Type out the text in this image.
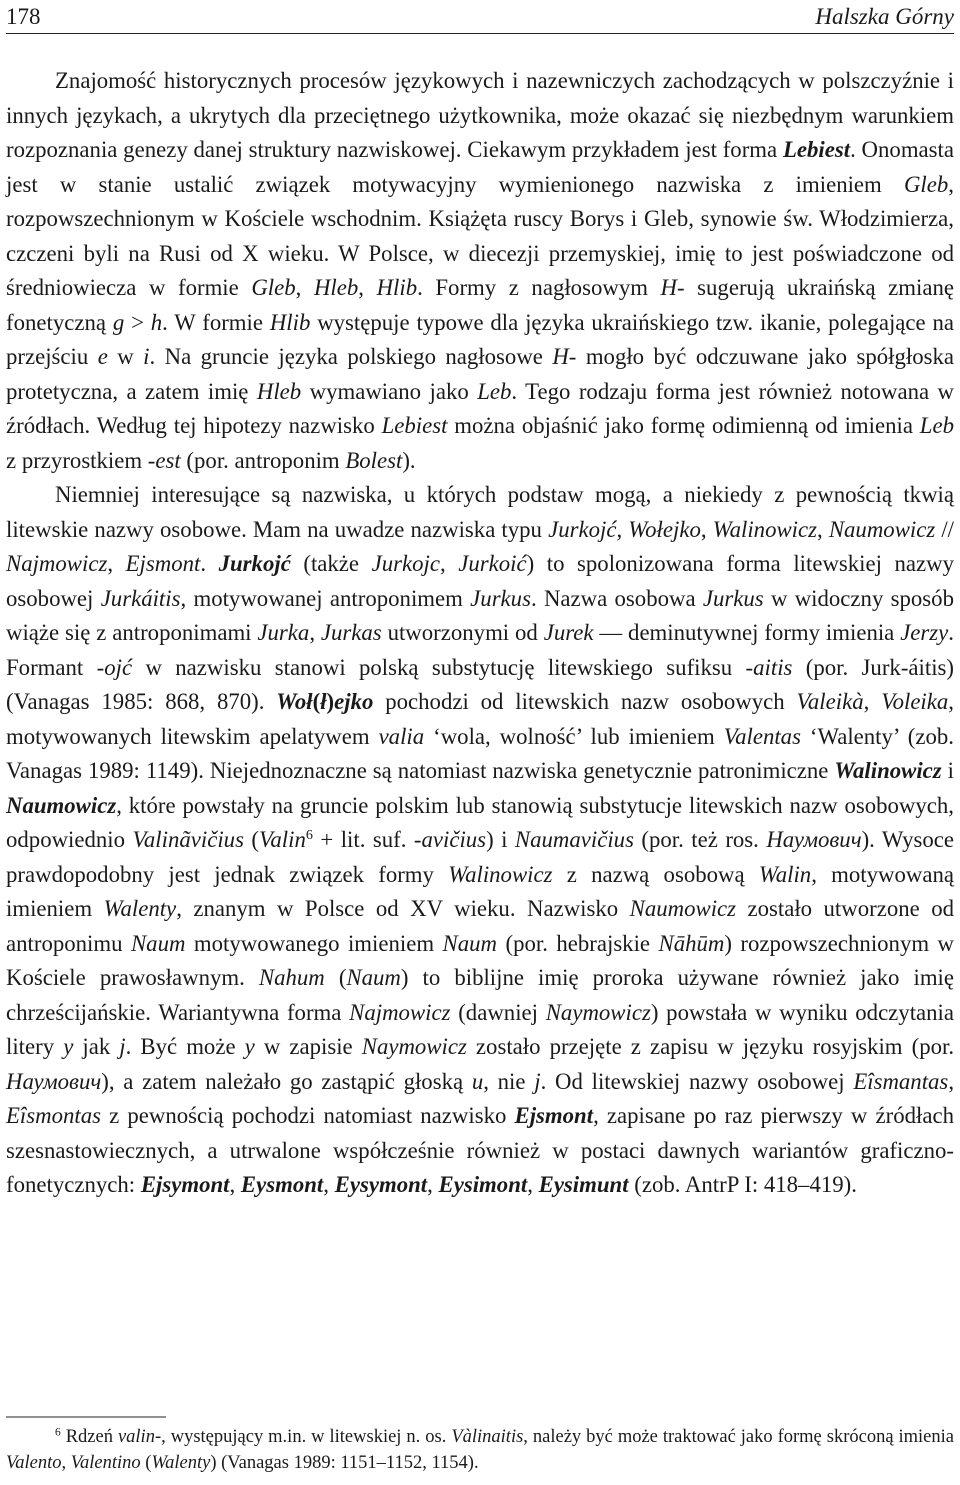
178	Halszka Górny

Znajomość historycznych procesów językowych i nazewniczych zachodzących w polszczyźnie i innych językach, a ukrytych dla przeciętnego użytkownika, może okazać się niezbędnym warunkiem rozpoznania genezy danej struktury nazwiskowej. Ciekawym przykładem jest forma Lebiest. Onomasta jest w stanie ustalić związek motywacyjny wymienionego nazwiska z imieniem Gleb, rozpowszechnionym w Kościele wschodnim. Książęta ruscy Borys i Gleb, synowie św. Włodzimierza, czczeni byli na Rusi od X wieku. W Polsce, w diecezji przemyskiej, imię to jest poświadczone od średniowiecza w formie Gleb, Hleb, Hlib. Formy z nagłosowym H- sugerują ukraińską zmianę fonetyczną g > h. W formie Hlib występuje typowe dla języka ukraińskiego tzw. ikanie, polegające na przejściu e w i. Na gruncie języka polskiego nagłosowe H- mogło być odczuwane jako spółgłoska protetyczna, a zatem imię Hleb wymawiano jako Leb. Tego rodzaju forma jest również notowana w źródłach. Według tej hipotezy nazwisko Lebiest można objaśnić jako formę odimienną od imienia Leb z przyrostkiem -est (por. antroponim Bolest).

Niemniej interesujące są nazwiska, u których podstaw mogą, a niekiedy z pewnością tkwią litewskie nazwy osobowe. Mam na uwadze nazwiska typu Jurkojć, Wołejko, Walinowicz, Naumowicz // Najmowicz, Ejsmont. Jurkojć (także Jurkojc, Jurkoić) to spolonizowana forma litewskiej nazwy osobowej Jurkáitis, motywowanej antroponimem Jurkus. Nazwa osobowa Jurkus w widoczny sposób wiąże się z antroponimami Jurka, Jurkas utworzonymi od Jurek — deminutywnej formy imienia Jerzy. Formant -ojć w nazwisku stanowi polską substytucję litewskiego sufiksu -aitis (por. Jurk-áitis) (Vanagas 1985: 868, 870). Woł(ł)ejko pochodzi od litewskich nazw osobowych Valeikà, Voleika, motywowanych litewskim apelatywem valia ‘wola, wolność’ lub imieniem Valentas ‘Walenty’ (zob. Vanagas 1989: 1149). Niejednoznaczne są natomiast nazwiska genetycznie patronimiczne Walinowicz i Naumowicz, które powstały na gruncie polskim lub stanowią substytucje litewskich nazw osobowych, odpowiednio Valinãvičius (Valin$^6$ + lit. suf. -avičius) i Naumavičius (por. też ros. Наумович). Wysoce prawdopodobny jest jednak związek formy Walinowicz z nazwą osobową Walin, motywowaną imieniem Walenty, znanym w Polsce od XV wieku. Nazwisko Naumowicz zostało utworzone od antroponimu Naum motywowanego imieniem Naum (por. hebrajskie Nāhūm) rozpowszechnionym w Kościele prawosławnym. Nahum (Naum) to biblijne imię proroka używane również jako imię chrześcijańskie. Wariantywna forma Najmowicz (dawniej Naymowicz) powstała w wyniku odczytania litery y jak j. Być może y w zapisie Naymowicz zostało przejęte z zapisu w języku rosyjskim (por. Наумович), a zatem należało go zastąpić głoską u, nie j. Od litewskiej nazwy osobowej Eîsmantas, Eîsmontas z pewnością pochodzi natomiast nazwisko Ejsmont, zapisane po raz pierwszy w źródłach szesnastowiecznych, a utrwalone współcześnie również w postaci dawnych wariantów graficzno-fonetycznych: Ejsymont, Eysmont, Eysymont, Eysimont, Eysimunt (zob. AntrP I: 418–419).

$^6$ Rdzeń valin-, występujący m.in. w litewskiej n. os. Vàlinaitis, należy być może traktować jako formę skróconą imienia Valento, Valentino (Walenty) (Vanagas 1989: 1151–1152, 1154).
